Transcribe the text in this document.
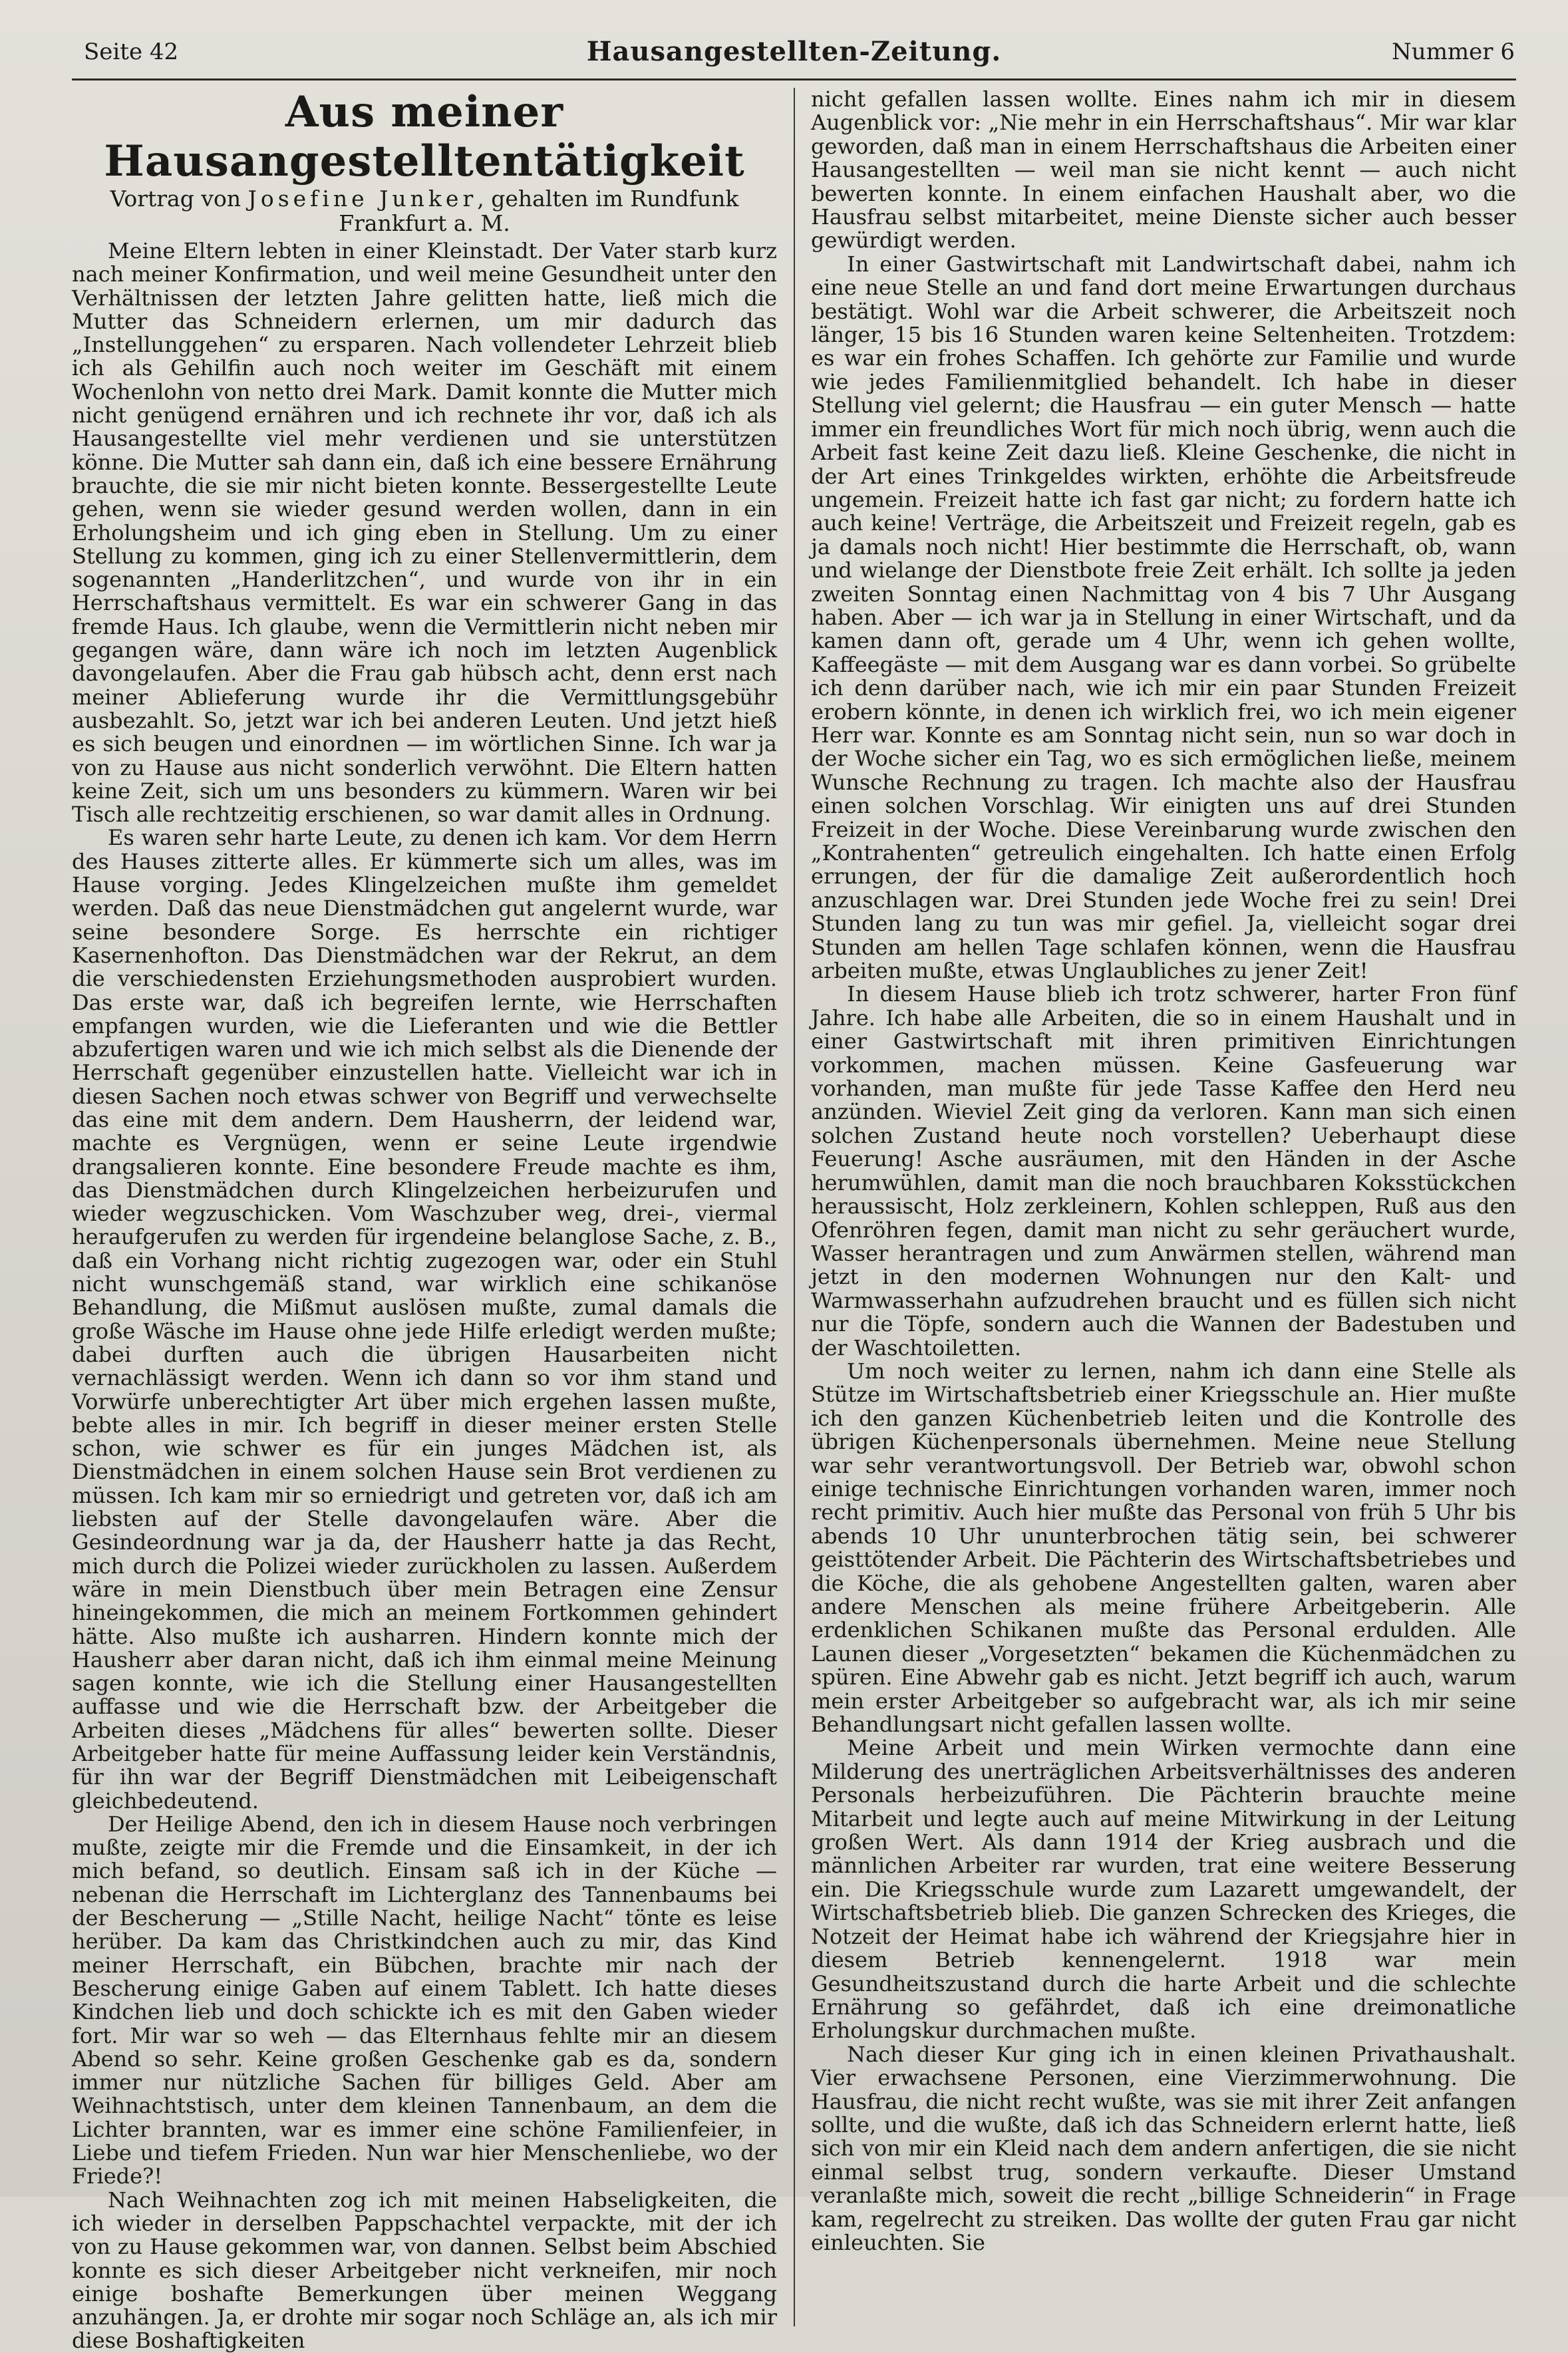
Seite 42	Hausangestellten-Zeitung.	Nummer 6
Aus meiner Hausangestelltentätigkeit

Vortrag von Josefine Junker, gehalten im Rundfunk Frankfurt a. M.

Meine Eltern lebten in einer Kleinstadt. Der Vater starb kurz nach meiner Konfirmation, und weil meine Gesundheit unter den Verhältnissen der letzten Jahre gelitten hatte, ließ mich die Mutter das Schneidern erlernen, um mir dadurch das „Instellunggehen“ zu ersparen. Nach vollendeter Lehrzeit blieb ich als Gehilfin auch noch weiter im Geschäft mit einem Wochenlohn von netto drei Mark. Damit konnte die Mutter mich nicht genügend ernähren und ich rechnete ihr vor, daß ich als Hausangestellte viel mehr verdienen und sie unterstützen könne. Die Mutter sah dann ein, daß ich eine bessere Ernährung brauchte, die sie mir nicht bieten konnte. Bessergestellte Leute gehen, wenn sie wieder gesund werden wollen, dann in ein Erholungsheim und ich ging eben in Stellung. Um zu einer Stellung zu kommen, ging ich zu einer Stellenvermittlerin, dem sogenannten „Handerlitzchen“, und wurde von ihr in ein Herrschaftshaus vermittelt. Es war ein schwerer Gang in das fremde Haus. Ich glaube, wenn die Vermittlerin nicht neben mir gegangen wäre, dann wäre ich noch im letzten Augenblick davongelaufen. Aber die Frau gab hübsch acht, denn erst nach meiner Ablieferung wurde ihr die Vermittlungsgebühr ausbezahlt. So, jetzt war ich bei anderen Leuten. Und jetzt hieß es sich beugen und einordnen — im wörtlichen Sinne. Ich war ja von zu Hause aus nicht sonderlich verwöhnt. Die Eltern hatten keine Zeit, sich um uns besonders zu kümmern. Waren wir bei Tisch alle rechtzeitig erschienen, so war damit alles in Ordnung.

Es waren sehr harte Leute, zu denen ich kam. Vor dem Herrn des Hauses zitterte alles. Er kümmerte sich um alles, was im Hause vorging. Jedes Klingelzeichen mußte ihm gemeldet werden. Daß das neue Dienstmädchen gut angelernt wurde, war seine besondere Sorge. Es herrschte ein richtiger Kasernenhofton. Das Dienstmädchen war der Rekrut, an dem die verschiedensten Erziehungsmethoden ausprobiert wurden. Das erste war, daß ich begreifen lernte, wie Herrschaften empfangen wurden, wie die Lieferanten und wie die Bettler abzufertigen waren und wie ich mich selbst als die Dienende der Herrschaft gegenüber einzustellen hatte. Vielleicht war ich in diesen Sachen noch etwas schwer von Begriff und verwechselte das eine mit dem andern. Dem Hausherrn, der leidend war, machte es Vergnügen, wenn er seine Leute irgendwie drangsalieren konnte. Eine besondere Freude machte es ihm, das Dienstmädchen durch Klingelzeichen herbeizurufen und wieder wegzuschicken. Vom Waschzuber weg, drei-, viermal heraufgerufen zu werden für irgendeine belanglose Sache, z. B., daß ein Vorhang nicht richtig zugezogen war, oder ein Stuhl nicht wunschgemäß stand, war wirklich eine schikanöse Behandlung, die Mißmut auslösen mußte, zumal damals die große Wäsche im Hause ohne jede Hilfe erledigt werden mußte; dabei durften auch die übrigen Hausarbeiten nicht vernachlässigt werden. Wenn ich dann so vor ihm stand und Vorwürfe unberechtigter Art über mich ergehen lassen mußte, bebte alles in mir. Ich begriff in dieser meiner ersten Stelle schon, wie schwer es für ein junges Mädchen ist, als Dienstmädchen in einem solchen Hause sein Brot verdienen zu müssen. Ich kam mir so erniedrigt und getreten vor, daß ich am liebsten auf der Stelle davongelaufen wäre. Aber die Gesindeordnung war ja da, der Hausherr hatte ja das Recht, mich durch die Polizei wieder zurückholen zu lassen. Außerdem wäre in mein Dienstbuch über mein Betragen eine Zensur hineingekommen, die mich an meinem Fortkommen gehindert hätte. Also mußte ich ausharren. Hindern konnte mich der Hausherr aber daran nicht, daß ich ihm einmal meine Meinung sagen konnte, wie ich die Stellung einer Hausangestellten auffasse und wie die Herrschaft bzw. der Arbeitgeber die Arbeiten dieses „Mädchens für alles“ bewerten sollte. Dieser Arbeitgeber hatte für meine Auffassung leider kein Verständnis, für ihn war der Begriff Dienstmädchen mit Leibeigenschaft gleichbedeutend.

Der Heilige Abend, den ich in diesem Hause noch verbringen mußte, zeigte mir die Fremde und die Einsamkeit, in der ich mich befand, so deutlich. Einsam saß ich in der Küche — nebenan die Herrschaft im Lichterglanz des Tannenbaums bei der Bescherung — „Stille Nacht, heilige Nacht“ tönte es leise herüber. Da kam das Christkindchen auch zu mir, das Kind meiner Herrschaft, ein Bübchen, brachte mir nach der Bescherung einige Gaben auf einem Tablett. Ich hatte dieses Kindchen lieb und doch schickte ich es mit den Gaben wieder fort. Mir war so weh — das Elternhaus fehlte mir an diesem Abend so sehr. Keine großen Geschenke gab es da, sondern immer nur nützliche Sachen für billiges Geld. Aber am Weihnachtstisch, unter dem kleinen Tannenbaum, an dem die Lichter brannten, war es immer eine schöne Familienfeier, in Liebe und tiefem Frieden. Nun war hier Menschenliebe, wo der Friede?!

Nach Weihnachten zog ich mit meinen Habseligkeiten, die ich wieder in derselben Pappschachtel verpackte, mit der ich von zu Hause gekommen war, von dannen. Selbst beim Abschied konnte es sich dieser Arbeitgeber nicht verkneifen, mir noch einige boshafte Bemerkungen über meinen Weggang anzuhängen. Ja, er drohte mir sogar noch Schläge an, als ich mir diese Boshaftigkeiten

nicht gefallen lassen wollte. Eines nahm ich mir in diesem Augenblick vor: „Nie mehr in ein Herrschaftshaus“. Mir war klar geworden, daß man in einem Herrschaftshaus die Arbeiten einer Hausangestellten — weil man sie nicht kennt — auch nicht bewerten konnte. In einem einfachen Haushalt aber, wo die Hausfrau selbst mitarbeitet, meine Dienste sicher auch besser gewürdigt werden.

In einer Gastwirtschaft mit Landwirtschaft dabei, nahm ich eine neue Stelle an und fand dort meine Erwartungen durchaus bestätigt. Wohl war die Arbeit schwerer, die Arbeitszeit noch länger, 15 bis 16 Stunden waren keine Seltenheiten. Trotzdem: es war ein frohes Schaffen. Ich gehörte zur Familie und wurde wie jedes Familienmitglied behandelt. Ich habe in dieser Stellung viel gelernt; die Hausfrau — ein guter Mensch — hatte immer ein freundliches Wort für mich noch übrig, wenn auch die Arbeit fast keine Zeit dazu ließ. Kleine Geschenke, die nicht in der Art eines Trinkgeldes wirkten, erhöhte die Arbeitsfreude ungemein. Freizeit hatte ich fast gar nicht; zu fordern hatte ich auch keine! Verträge, die Arbeitszeit und Freizeit regeln, gab es ja damals noch nicht! Hier bestimmte die Herrschaft, ob, wann und wielange der Dienstbote freie Zeit erhält. Ich sollte ja jeden zweiten Sonntag einen Nachmittag von 4 bis 7 Uhr Ausgang haben. Aber — ich war ja in Stellung in einer Wirtschaft, und da kamen dann oft, gerade um 4 Uhr, wenn ich gehen wollte, Kaffeegäste — mit dem Ausgang war es dann vorbei. So grübelte ich denn darüber nach, wie ich mir ein paar Stunden Freizeit erobern könnte, in denen ich wirklich frei, wo ich mein eigener Herr war. Konnte es am Sonntag nicht sein, nun so war doch in der Woche sicher ein Tag, wo es sich ermöglichen ließe, meinem Wunsche Rechnung zu tragen. Ich machte also der Hausfrau einen solchen Vorschlag. Wir einigten uns auf drei Stunden Freizeit in der Woche. Diese Vereinbarung wurde zwischen den „Kontrahenten“ getreulich eingehalten. Ich hatte einen Erfolg errungen, der für die damalige Zeit außerordentlich hoch anzuschlagen war. Drei Stunden jede Woche frei zu sein! Drei Stunden lang zu tun was mir gefiel. Ja, vielleicht sogar drei Stunden am hellen Tage schlafen können, wenn die Hausfrau arbeiten mußte, etwas Unglaubliches zu jener Zeit!

In diesem Hause blieb ich trotz schwerer, harter Fron fünf Jahre. Ich habe alle Arbeiten, die so in einem Haushalt und in einer Gastwirtschaft mit ihren primitiven Einrichtungen vorkommen, machen müssen. Keine Gasfeuerung war vorhanden, man mußte für jede Tasse Kaffee den Herd neu anzünden. Wieviel Zeit ging da verloren. Kann man sich einen solchen Zustand heute noch vorstellen? Ueberhaupt diese Feuerung! Asche ausräumen, mit den Händen in der Asche herumwühlen, damit man die noch brauchbaren Koksstückchen heraussischt, Holz zerkleinern, Kohlen schleppen, Ruß aus den Ofenröhren fegen, damit man nicht zu sehr geräuchert wurde, Wasser herantragen und zum Anwärmen stellen, während man jetzt in den modernen Wohnungen nur den Kalt- und Warmwasserhahn aufzudrehen braucht und es füllen sich nicht nur die Töpfe, sondern auch die Wannen der Badestuben und der Waschtoiletten.

Um noch weiter zu lernen, nahm ich dann eine Stelle als Stütze im Wirtschaftsbetrieb einer Kriegsschule an. Hier mußte ich den ganzen Küchenbetrieb leiten und die Kontrolle des übrigen Küchenpersonals übernehmen. Meine neue Stellung war sehr verantwortungsvoll. Der Betrieb war, obwohl schon einige technische Einrichtungen vorhanden waren, immer noch recht primitiv. Auch hier mußte das Personal von früh 5 Uhr bis abends 10 Uhr ununterbrochen tätig sein, bei schwerer geisttötender Arbeit. Die Pächterin des Wirtschaftsbetriebes und die Köche, die als gehobene Angestellten galten, waren aber andere Menschen als meine frühere Arbeitgeberin. Alle erdenklichen Schikanen mußte das Personal erdulden. Alle Launen dieser „Vorgesetzten“ bekamen die Küchenmädchen zu spüren. Eine Abwehr gab es nicht. Jetzt begriff ich auch, warum mein erster Arbeitgeber so aufgebracht war, als ich mir seine Behandlungsart nicht gefallen lassen wollte.

Meine Arbeit und mein Wirken vermochte dann eine Milderung des unerträglichen Arbeitsverhältnisses des anderen Personals herbeizuführen. Die Pächterin brauchte meine Mitarbeit und legte auch auf meine Mitwirkung in der Leitung großen Wert. Als dann 1914 der Krieg ausbrach und die männlichen Arbeiter rar wurden, trat eine weitere Besserung ein. Die Kriegsschule wurde zum Lazarett umgewandelt, der Wirtschaftsbetrieb blieb. Die ganzen Schrecken des Krieges, die Notzeit der Heimat habe ich während der Kriegsjahre hier in diesem Betrieb kennengelernt. 1918 war mein Gesundheitszustand durch die harte Arbeit und die schlechte Ernährung so gefährdet, daß ich eine dreimonatliche Erholungskur durchmachen mußte.

Nach dieser Kur ging ich in einen kleinen Privathaushalt. Vier erwachsene Personen, eine Vierzimmerwohnung. Die Hausfrau, die nicht recht wußte, was sie mit ihrer Zeit anfangen sollte, und die wußte, daß ich das Schneidern erlernt hatte, ließ sich von mir ein Kleid nach dem andern anfertigen, die sie nicht einmal selbst trug, sondern verkaufte. Dieser Umstand veranlaßte mich, soweit die recht „billige Schneiderin“ in Frage kam, regelrecht zu streiken. Das wollte der guten Frau gar nicht einleuchten. Sie
